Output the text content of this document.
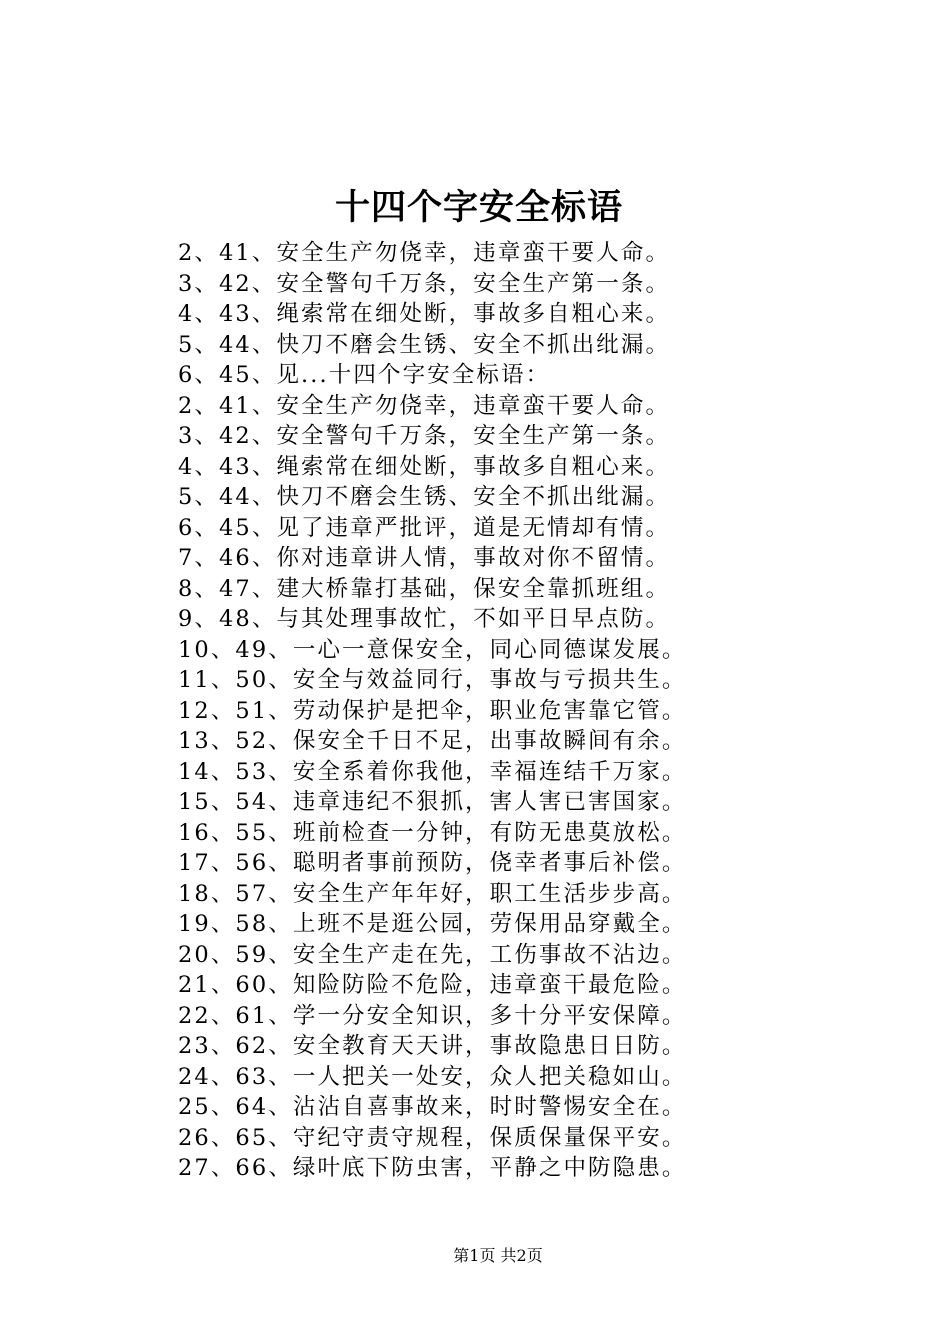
十四个字安全标语
2、41、安全生产勿侥幸，违章蛮干要人命。
3、42、安全警句千万条，安全生产第一条。
4、43、绳索常在细处断，事故多自粗心来。
5、44、快刀不磨会生锈、安全不抓出纰漏。
6、45、见...十四个字安全标语：
2、41、安全生产勿侥幸，违章蛮干要人命。
3、42、安全警句千万条，安全生产第一条。
4、43、绳索常在细处断，事故多自粗心来。
5、44、快刀不磨会生锈、安全不抓出纰漏。
6、45、见了违章严批评，道是无情却有情。
7、46、你对违章讲人情，事故对你不留情。
8、47、建大桥靠打基础，保安全靠抓班组。
9、48、与其处理事故忙，不如平日早点防。
10、49、一心一意保安全，同心同德谋发展。
11、50、安全与效益同行，事故与亏损共生。
12、51、劳动保护是把伞，职业危害靠它管。
13、52、保安全千日不足，出事故瞬间有余。
14、53、安全系着你我他，幸福连结千万家。
15、54、违章违纪不狠抓，害人害已害国家。
16、55、班前检查一分钟，有防无患莫放松。
17、56、聪明者事前预防，侥幸者事后补偿。
18、57、安全生产年年好，职工生活步步高。
19、58、上班不是逛公园，劳保用品穿戴全。
20、59、安全生产走在先，工伤事故不沾边。
21、60、知险防险不危险，违章蛮干最危险。
22、61、学一分安全知识，多十分平安保障。
23、62、安全教育天天讲，事故隐患日日防。
24、63、一人把关一处安，众人把关稳如山。
25、64、沾沾自喜事故来，时时警惕安全在。
26、65、守纪守责守规程，保质保量保平安。
27、66、绿叶底下防虫害，平静之中防隐患。
第1页 共2页
